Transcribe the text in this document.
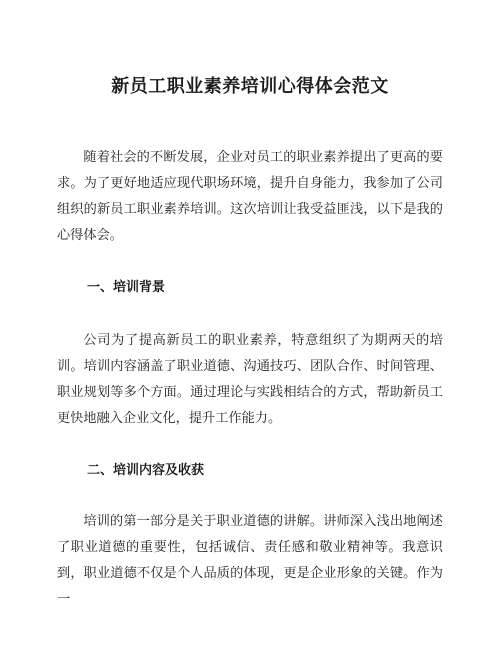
新员工职业素养培训心得体会范文

随着社会的不断发展，企业对员工的职业素养提出了更高的要求。为了更好地适应现代职场环境，提升自身能力，我参加了公司组织的新员工职业素养培训。这次培训让我受益匪浅，以下是我的心得体会。

一、培训背景

公司为了提高新员工的职业素养，特意组织了为期两天的培训。培训内容涵盖了职业道德、沟通技巧、团队合作、时间管理、职业规划等多个方面。通过理论与实践相结合的方式，帮助新员工更快地融入企业文化，提升工作能力。

二、培训内容及收获

培训的第一部分是关于职业道德的讲解。讲师深入浅出地阐述了职业道德的重要性，包括诚信、责任感和敬业精神等。我意识到，职业道德不仅是个人品质的体现，更是企业形象的关键。作为一
